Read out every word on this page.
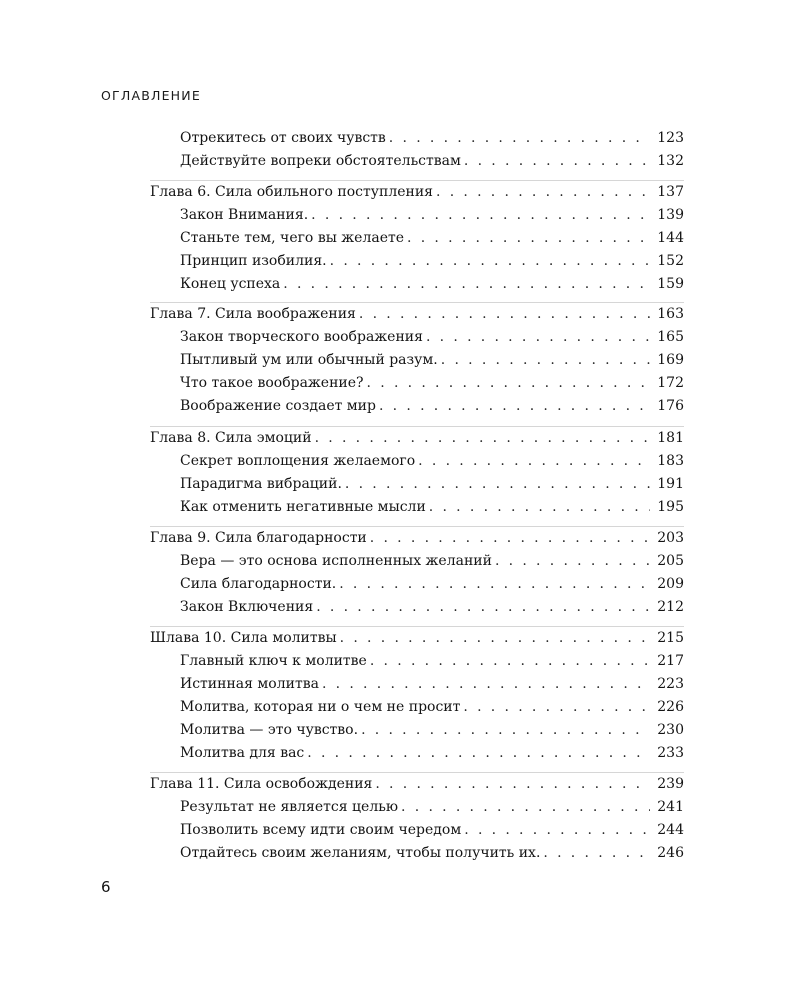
ОГЛАВЛЕНИЕ
Отрекитесь от своих чувств . . .	123
Действуйте вопреки обстоятельствам . . .	132
Глава 6. Сила обильного поступления . . .	137
Закон Внимания. . . .	139
Станьте тем, чего вы желаете . . .	144
Принцип изобилия. . . .	152
Конец успеха . . .	159
Глава 7. Сила воображения . . .	163
Закон творческого воображения . . .	165
Пытливый ум или обычный разум. . . .	169
Что такое воображение? . . .	172
Воображение создает мир . . .	176
Глава 8. Сила эмоций . . .	181
Секрет воплощения желаемого . . .	183
Парадигма вибраций. . . .	191
Как отменить негативные мысли . . .	195
Глава 9. Сила благодарности . . .	203
Вера — это основа исполненных желаний . . .	205
Сила благодарности. . . .	209
Закон Включения . . .	212
Шлава 10. Сила молитвы . . .	215
Главный ключ к молитве . . .	217
Истинная молитва . . .	223
Молитва, которая ни о чем не просит . . .	226
Молитва — это чувство. . . .	230
Молитва для вас . . .	233
Глава 11. Сила освобождения . . .	239
Результат не является целью . . .	241
Позволить всему идти своим чередом . . .	244
Отдайтесь своим желаниям, чтобы получить их. . . .	246
6
